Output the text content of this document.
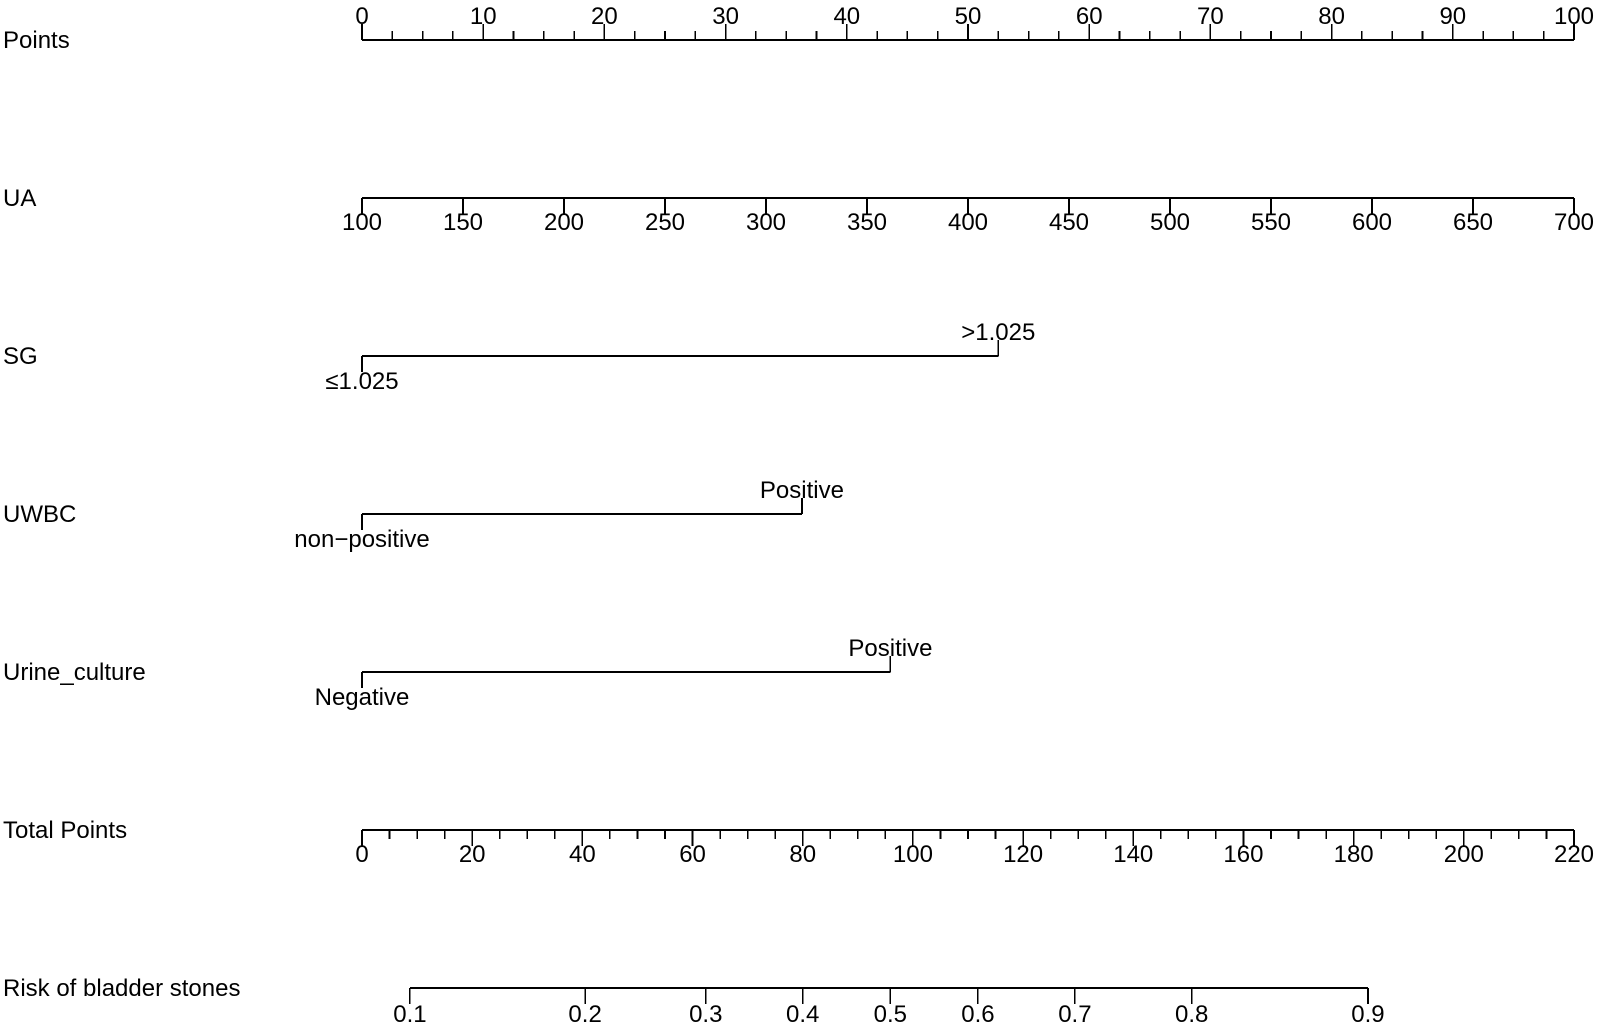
Points
0	10	20	30	40	50	60	70	80	90	100
UA
100	150	200	250	300	350	400	450	500	550	600	650	700
SG
≤1.025
>1.025
UWBC
non−positive
Positive
Urine_culture
Negative
Positive
Total Points
0	20	40	60	80	100	120	140	160	180	200	220
Risk of bladder stones
0.1	0.2	0.3	0.4 0.5 0.6	0.7	0.8	0.9
